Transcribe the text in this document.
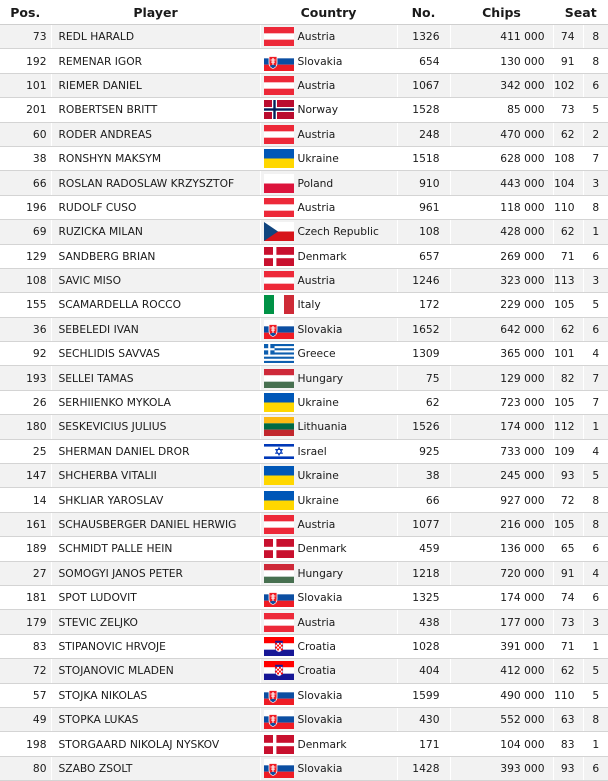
Pos.	Player	Country	No.	Chips	Seat	
73	REDL HARALD	Austria	1326	411 000	74	8
192	REMENAR IGOR	Slovakia	654	130 000	91	8
101	RIEMER DANIEL	Austria	1067	342 000	102	6
201	ROBERTSEN BRITT	Norway	1528	85 000	73	5
60	RODER ANDREAS	Austria	248	470 000	62	2
38	RONSHYN MAKSYM	Ukraine	1518	628 000	108	7
66	ROSLAN RADOSLAW KRZYSZTOF	Poland	910	443 000	104	3
196	RUDOLF CUSO	Austria	961	118 000	110	8
69	RUZICKA MILAN	Czech Republic	108	428 000	62	1
129	SANDBERG BRIAN	Denmark	657	269 000	71	6
108	SAVIC MISO	Austria	1246	323 000	113	3
155	SCAMARDELLA ROCCO	Italy	172	229 000	105	5
36	SEBELEDI IVAN	Slovakia	1652	642 000	62	6
92	SECHLIDIS SAVVAS	Greece	1309	365 000	101	4
193	SELLEI TAMAS	Hungary	75	129 000	82	7
26	SERHIIENKO MYKOLA	Ukraine	62	723 000	105	7
180	SESKEVICIUS JULIUS	Lithuania	1526	174 000	112	1
25	SHERMAN DANIEL DROR	Israel	925	733 000	109	4
147	SHCHERBA VITALII	Ukraine	38	245 000	93	5
14	SHKLIAR YAROSLAV	Ukraine	66	927 000	72	8
161	SCHAUSBERGER DANIEL HERWIG	Austria	1077	216 000	105	8
189	SCHMIDT PALLE HEIN	Denmark	459	136 000	65	6
27	SOMOGYI JANOS PETER	Hungary	1218	720 000	91	4
181	SPOT LUDOVIT	Slovakia	1325	174 000	74	6
179	STEVIC ZELJKO	Austria	438	177 000	73	3
83	STIPANOVIC HRVOJE	Croatia	1028	391 000	71	1
72	STOJANOVIC MLADEN	Croatia	404	412 000	62	5
57	STOJKA NIKOLAS	Slovakia	1599	490 000	110	5
49	STOPKA LUKAS	Slovakia	430	552 000	63	8
198	STORGAARD NIKOLAJ NYSKOV	Denmark	171	104 000	83	1
80	SZABO ZSOLT	Slovakia	1428	393 000	93	6
